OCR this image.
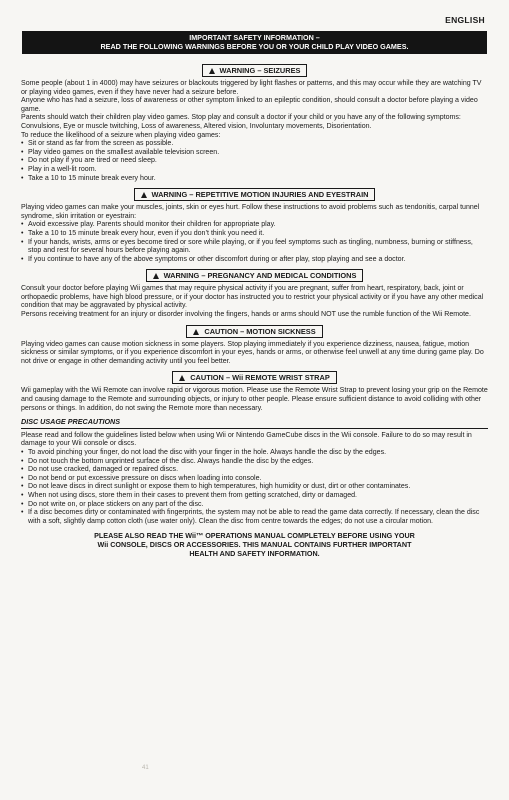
ENGLISH
IMPORTANT SAFETY INFORMATION –
READ THE FOLLOWING WARNINGS BEFORE YOU OR YOUR CHILD PLAY VIDEO GAMES.
WARNING – SEIZURES

Some people (about 1 in 4000) may have seizures or blackouts triggered by light flashes or patterns, and this may occur while they are watching TV or playing video games, even if they have never had a seizure before.

Anyone who has had a seizure, loss of awareness or other symptom linked to an epileptic condition, should consult a doctor before playing a video game.

Parents should watch their children play video games. Stop play and consult a doctor if your child or you have any of the following symptoms: Convulsions, Eye or muscle twitching, Loss of awareness, Altered vision, Involuntary movements, Disorientation.

To reduce the likelihood of a seizure when playing video games:

• Sit or stand as far from the screen as possible.
• Play video games on the smallest available television screen.
• Do not play if you are tired or need sleep.
• Play in a well-lit room.
• Take a 10 to 15 minute break every hour.
WARNING – REPETITIVE MOTION INJURIES AND EYESTRAIN

Playing video games can make your muscles, joints, skin or eyes hurt. Follow these instructions to avoid problems such as tendonitis, carpal tunnel syndrome, skin irritation or eyestrain:

• Avoid excessive play. Parents should monitor their children for appropriate play.
• Take a 10 to 15 minute break every hour, even if you don’t think you need it.
• If your hands, wrists, arms or eyes become tired or sore while playing, or if you feel symptoms such as tingling, numbness, burning or stiffness, stop and rest for several hours before playing again.
• If you continue to have any of the above symptoms or other discomfort during or after play, stop playing and see a doctor.
WARNING – PREGNANCY AND MEDICAL CONDITIONS

Consult your doctor before playing Wii games that may require physical activity if you are pregnant, suffer from heart, respiratory, back, joint or orthopaedic problems, have high blood pressure, or if your doctor has instructed you to restrict your physical activity or if you have any other medical condition that may be aggravated by physical activity.

Persons receiving treatment for an injury or disorder involving the fingers, hands or arms should NOT use the rumble function of the Wii Remote.

CAUTION – MOTION SICKNESS

Playing video games can cause motion sickness in some players. Stop playing immediately if you experience dizziness, nausea, fatigue, motion sickness or similar symptoms, or if you experience discomfort in your eyes, hands or arms, or otherwise feel unwell at any time during game play. Do not drive or engage in other demanding activity until you feel better.

CAUTION – Wii REMOTE WRIST STRAP

Wii gameplay with the Wii Remote can involve rapid or vigorous motion. Please use the Remote Wrist Strap to prevent losing your grip on the Remote and causing damage to the Remote and surrounding objects, or injury to other people. Please ensure sufficient distance to avoid colliding with other persons or things. In addition, do not swing the Remote more than necessary.

DISC USAGE PRECAUTIONS

Please read and follow the guidelines listed below when using Wii or Nintendo GameCube discs in the Wii console. Failure to do so may result in damage to your Wii console or discs.

• To avoid pinching your finger, do not load the disc with your finger in the hole. Always handle the disc by the edges.
• Do not touch the bottom unprinted surface of the disc. Always handle the disc by the edges.
• Do not use cracked, damaged or repaired discs.
• Do not bend or put excessive pressure on discs when loading into console.
• Do not leave discs in direct sunlight or expose them to high temperatures, high humidity or dust, dirt or other contaminates.
• When not using discs, store them in their cases to prevent them from getting scratched, dirty or damaged.
• Do not write on, or place stickers on any part of the disc.
• If a disc becomes dirty or contaminated with fingerprints, the system may not be able to read the game data correctly. If necessary, clean the disc with a soft, slightly damp cotton cloth (use water only). Clean the disc from centre towards the edges; do not use a circular motion.
PLEASE ALSO READ THE Wii™ OPERATIONS MANUAL COMPLETELY BEFORE USING YOUR Wii CONSOLE, DISCS OR ACCESSORIES. THIS MANUAL CONTAINS FURTHER IMPORTANT HEALTH AND SAFETY INFORMATION.
41
